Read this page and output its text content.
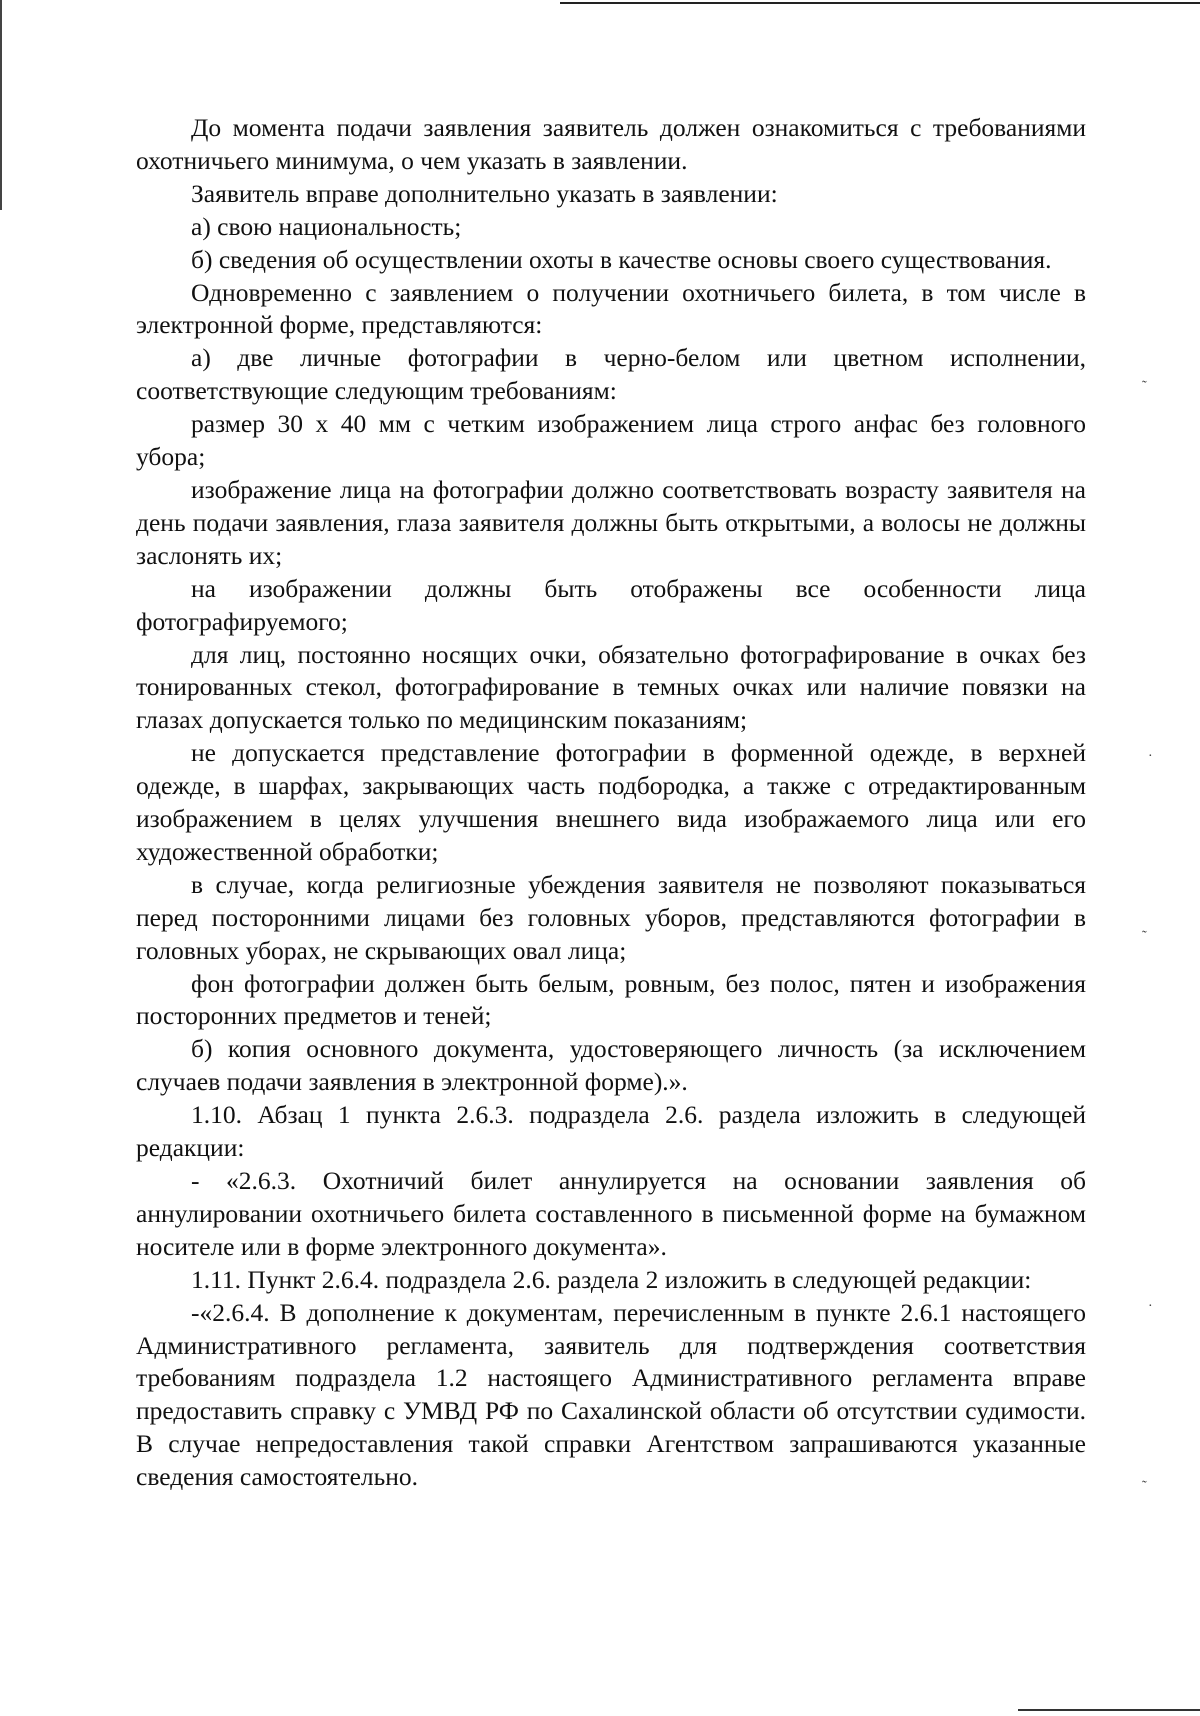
˜
·
˜
˜
·

До момента подачи заявления заявитель должен ознакомиться с требованиями охотничьего минимума, о чем указать в заявлении.

Заявитель вправе дополнительно указать в заявлении:

а) свою национальность;

б) сведения об осуществлении охоты в качестве основы своего существования.

Одновременно с заявлением о получении охотничьего билета, в том числе в электронной форме, представляются:

а) две личные фотографии в черно-белом или цветном исполнении, соответствующие следующим требованиям:

размер 30 х 40 мм с четким изображением лица строго анфас без головного убора;

изображение лица на фотографии должно соответствовать возрасту заявителя на день подачи заявления, глаза заявителя должны быть открытыми, а волосы не должны заслонять их;

на изображении должны быть отображены все особенности лица фотографируемого;

для лиц, постоянно носящих очки, обязательно фотографирование в очках без тонированных стекол, фотографирование в темных очках или наличие повязки на глазах допускается только по медицинским показаниям;

не допускается представление фотографии в форменной одежде, в верхней одежде, в шарфах, закрывающих часть подбородка, а также с отредактированным изображением в целях улучшения внешнего вида изображаемого лица или его художественной обработки;

в случае, когда религиозные убеждения заявителя не позволяют показываться перед посторонними лицами без головных уборов, представляются фотографии в головных уборах, не скрывающих овал лица;

фон фотографии должен быть белым, ровным, без полос, пятен и изображения посторонних предметов и теней;

б) копия основного документа, удостоверяющего личность (за исключением случаев подачи заявления в электронной форме).».

1.10. Абзац 1 пункта 2.6.3. подраздела 2.6. раздела изложить в следующей редакции:

- «2.6.3. Охотничий билет аннулируется на основании заявления об аннулировании охотничьего билета составленного в письменной форме на бумажном носителе или в форме электронного документа».

1.11. Пункт 2.6.4. подраздела 2.6. раздела 2 изложить в следующей редакции:

-«2.6.4. В дополнение к документам, перечисленным в пункте 2.6.1 настоящего Административного регламента, заявитель для подтверждения соответствия требованиям подраздела 1.2 настоящего Административного регламента вправе предоставить справку с УМВД РФ по Сахалинской области об отсутствии судимости. В случае непредоставления такой справки Агентством запрашиваются указанные сведения самостоятельно.
